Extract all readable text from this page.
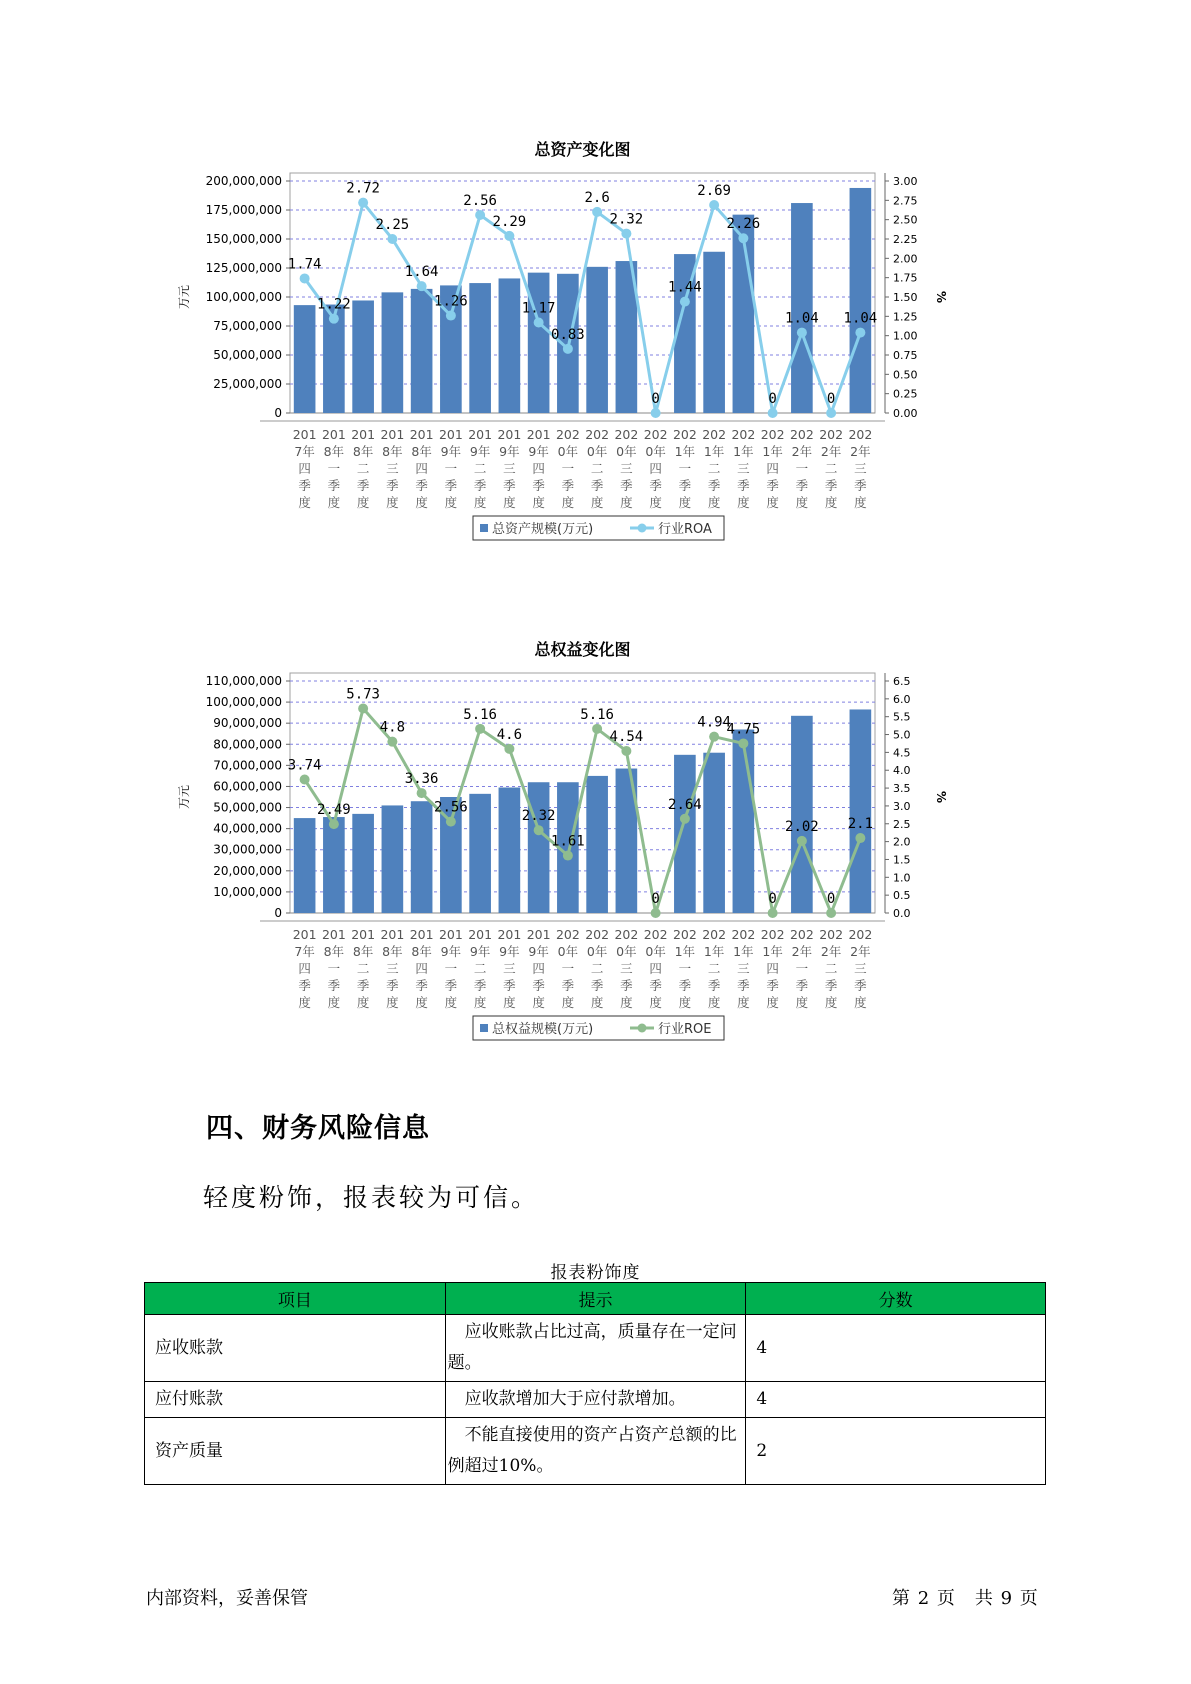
总资产变化图
0
25,000,000
50,000,000
75,000,000
100,000,000
125,000,000
150,000,000
175,000,000
200,000,000
0.00
0.25
0.50
0.75
1.00
1.25
1.50
1.75
2.00
2.25
2.50
2.75
3.00
万元	%
1.74
1.22
2.72
2.25
1.64
1.26
2.56
2.29
1.17
0.83
2.6
2.32
0
1.44
2.69
2.26
0
1.04
0
1.04
201
7年
四
季
度
201
8年
一
季
度
201
8年
二
季
度
201
8年
三
季
度
201
8年
四
季
度
201
9年
一
季
度
201
9年
二
季
度
201
9年
三
季
度
201
9年
四
季
度
202
0年
一
季
度
202
0年
二
季
度
202
0年
三
季
度
202
0年
四
季
度
202
1年
一
季
度
202
1年
二
季
度
202
1年
三
季
度
202
1年
四
季
度
202
2年
一
季
度
202
2年
二
季
度
202
2年
三
季
度
总资产规模(万元)	行业ROA
总权益变化图
0
10,000,000
20,000,000
30,000,000
40,000,000
50,000,000
60,000,000
70,000,000
80,000,000
90,000,000
100,000,000
110,000,000
0.0
0.5
1.0
1.5
2.0
2.5
3.0
3.5
4.0
4.5
5.0
5.5
6.0
6.5
万元	%
3.74
2.49
5.73
4.8
3.36
2.56
5.16
4.6
2.32
1.61
5.16
4.54
0
2.64
4.94
4.75
0
2.02
0
2.1
201
7年
四
季
度
201
8年
一
季
度
201
8年
二
季
度
201
8年
三
季
度
201
8年
四
季
度
201
9年
一
季
度
201
9年
二
季
度
201
9年
三
季
度
201
9年
四
季
度
202
0年
一
季
度
202
0年
二
季
度
202
0年
三
季
度
202
0年
四
季
度
202
1年
一
季
度
202
1年
二
季
度
202
1年
三
季
度
202
1年
四
季
度
202
2年
一
季
度
202
2年
二
季
度
202
2年
三
季
度
总权益规模(万元)	行业ROE
四、财务风险信息
轻度粉饰，报表较为可信。
报表粉饰度
项目	提示	分数
应收账款	　应收账款占比过高，质量存在一定问题。	4
应付账款	　应收款增加大于应付款增加。	4
资产质量	　不能直接使用的资产占资产总额的比例超过10%。	2
内部资料，妥善保管	第 2 页　共 9 页
